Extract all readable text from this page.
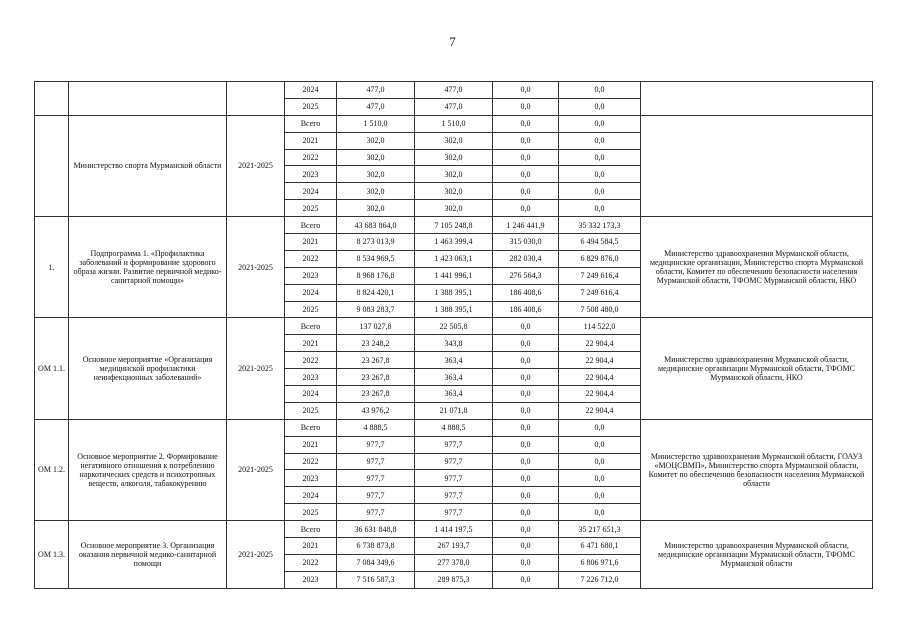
7
			2024	477,0	477,0	0,0	0,0	
			2025	477,0	477,0	0,0	0,0	
	Министерство спорта Мурманской области	2021-2025	Всего	1 510,0	1 510,0	0,0	0,0	
			2021	302,0	302,0	0,0	0,0	
			2022	302,0	302,0	0,0	0,0	
			2023	302,0	302,0	0,0	0,0	
			2024	302,0	302,0	0,0	0,0	
			2025	302,0	302,0	0,0	0,0	
1.	Подпрограмма 1. «Профилактика заболеваний и формирование здорового образа жизни. Развитие первичной медико-санитарной помощи»	2021-2025	Всего	43 683 864,0	7 105 248,8	1 246 441,9	35 332 173,3	Министерство здравоохранения Мурманской области, медицинские организации, Министерство спорта Мурманской области, Комитет по обеспечению безопасности населения Мурманской области, ТФОМС Мурманской области, НКО
			2021	8 273 013,9	1 463 399,4	315 030,0	6 494 584,5	
			2022	8 534 969,5	1 423 063,1	282 030,4	6 829 876,0	
			2023	8 968 176,8	1 441 996,1	276 564,3	7 249 616,4	
			2024	8 824 420,1	1 388 395,1	186 408,6	7 249 616,4	
			2025	9 083 283,7	1 388 395,1	186 408,6	7 508 480,0	
ОМ 1.1.	Основное мероприятие «Организация медицинской профилактики неинфекционных заболеваний»	2021-2025	Всего	137 027,8	22 505,8	0,0	114 522,0	Министерство здравоохранения Мурманской области, медицинские организации Мурманской области, ТФОМС Мурманской области, НКО
			2021	23 248,2	343,8	0,0	22 904,4	
			2022	23 267,8	363,4	0,0	22 904,4	
			2023	23 267,8	363,4	0,0	22 904,4	
			2024	23 267,8	363,4	0,0	22 904,4	
			2025	43 976,2	21 071,8	0,0	22 904,4	
ОМ 1.2.	Основное мероприятие 2. Формирование негативного отношения к потреблению наркотических средств и психотропных веществ, алкоголя, табакокурению	2021-2025	Всего	4 888,5	4 888,5	0,0	0,0	Министерство здравоохранения Мурманской области, ГОАУЗ «МОЦСВМП», Министерство спорта Мурманской области, Комитет по обеспечению безопасности населения Мурманской области
			2021	977,7	977,7	0,0	0,0	
			2022	977,7	977,7	0,0	0,0	
			2023	977,7	977,7	0,0	0,0	
			2024	977,7	977,7	0,0	0,0	
			2025	977,7	977,7	0,0	0,0	
ОМ 1.3.	Основное мероприятие 3. Организация оказания первичной медико-санитарной помощи	2021-2025	Всего	36 631 848,8	1 414 197,5	0,0	35 217 651,3	Министерство здравоохранения Мурманской области, медицинские организации Мурманской области, ТФОМС Мурманской области
			2021	6 738 873,8	267 193,7	0,0	6 471 680,1	
			2022	7 084 349,6	277 378,0	0,0	6 806 971,6	
			2023	7 516 587,3	289 875,3	0,0	7 226 712,0	
